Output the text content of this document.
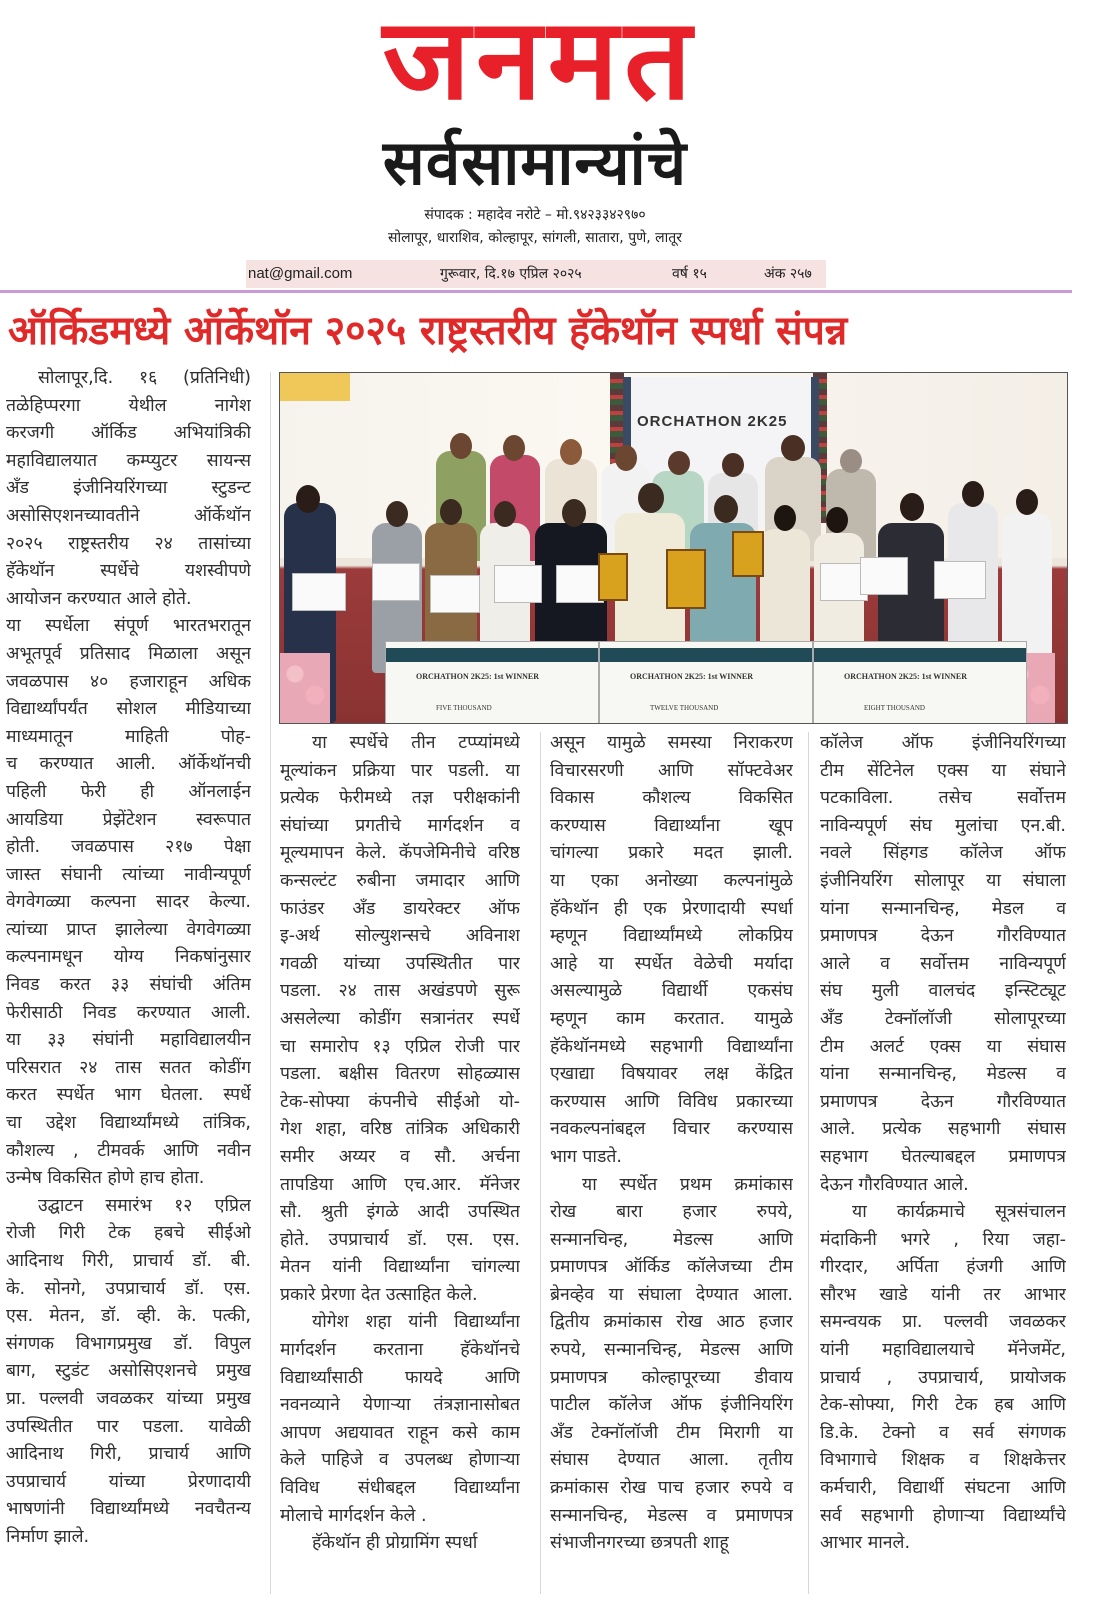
जनमत
सर्वसामान्यांचे
संपादक : महादेव नरोटे – मो.९४२३३४२९७०
सोलापूर, धाराशिव, कोल्हापूर, सांगली, सातारा, पुणे, लातूर
nat@gmail.com	गुरूवार, दि.१७ एप्रिल २०२५	वर्ष १५	अंक २५७
ऑर्किडमध्ये ऑर्केथॉन २०२५ राष्ट्रस्तरीय हॅकेथॉन स्पर्धा संपन्न
ORCHATHON 2K25
ORCHATHON 2K25: 1st WINNER
FIVE THOUSAND
ORCHATHON 2K25: 1st WINNER
TWELVE THOUSAND
ORCHATHON 2K25: 1st WINNER
EIGHT THOUSAND
सोलापूर,दि. १६ (प्रतिनिधी)
तळेहिप्परगा येथील नागेश
करजगी ऑर्किड अभियांत्रिकी
महाविद्यालयात कम्प्युटर सायन्स
अँड इंजीनियरिंगच्या स्टुडन्ट
असोसिएशनच्यावतीने ऑर्केथॉन
२०२५ राष्ट्रस्तरीय २४ तासांच्या
हॅकेथॉन स्पर्धेचे यशस्वीपणे
आयोजन करण्यात आले होते.
या स्पर्धेला संपूर्ण भारतभरातून
अभूतपूर्व प्रतिसाद मिळाला असून
जवळपास ४० हजाराहून अधिक
विद्यार्थ्यांपर्यंत सोशल मीडियाच्या
माध्यमातून माहिती पोह-
च करण्यात आली. ऑर्केथॉनची
पहिली फेरी ही ऑनलाईन
आयडिया प्रेझेंटेशन स्वरूपात
होती. जवळपास २१७ पेक्षा
जास्त संघानी त्यांच्या नावीन्यपूर्ण
वेगवेगळ्या कल्पना सादर केल्या.
त्यांच्या प्राप्त झालेल्या वेगवेगळ्या
कल्पनामधून योग्य निकषांनुसार
निवड करत ३३ संघांची अंतिम
फेरीसाठी निवड करण्यात आली.
या ३३ संघांनी महाविद्यालयीन
परिसरात २४ तास सतत कोडींग
करत स्पर्धेत भाग घेतला. स्पर्धे
चा उद्देश विद्यार्थ्यांमध्ये तांत्रिक,
कौशल्य , टीमवर्क आणि नवीन
उन्मेष विकसित होणे हाच होता.
उद्घाटन समारंभ १२ एप्रिल
रोजी गिरी टेक हबचे सीईओ
आदिनाथ गिरी, प्राचार्य डॉ. बी.
के. सोनगे, उपप्राचार्य डॉ. एस.
एस. मेतन, डॉ. व्ही. के. पत्की,
संगणक विभागप्रमुख डॉ. विपुल
बाग, स्टुडंट असोसिएशनचे प्रमुख
प्रा. पल्लवी जवळकर यांच्या प्रमुख
उपस्थितीत पार पडला. यावेळी
आदिनाथ गिरी, प्राचार्य आणि
उपप्राचार्य यांच्या प्रेरणादायी
भाषणांनी विद्यार्थ्यांमध्ये नवचैतन्य
निर्माण झाले.
या स्पर्धेचे तीन टप्प्यांमध्ये
मूल्यांकन प्रक्रिया पार पडली. या
प्रत्येक फेरीमध्ये तज्ञ परीक्षकांनी
संघांच्या प्रगतीचे मार्गदर्शन व
मूल्यमापन केले. कॅपजेमिनीचे वरिष्ठ
कन्सल्टंट रुबीना जमादार आणि
फाउंडर अँड डायरेक्टर ऑफ
इ-अर्थ सोल्युशन्सचे अविनाश
गवळी यांच्या उपस्थितीत पार
पडला. २४ तास अखंडपणे सुरू
असलेल्या कोडींग सत्रानंतर स्पर्धे
चा समारोप १३ एप्रिल रोजी पार
पडला. बक्षीस वितरण सोहळ्यास
टेक-सोफ्या कंपनीचे सीईओ यो-
गेश शहा, वरिष्ठ तांत्रिक अधिकारी
समीर अय्यर व सौ. अर्चना
तापडिया आणि एच.आर. मॅनेजर
सौ. श्रुती इंगळे आदी उपस्थित
होते. उपप्राचार्य डॉ. एस. एस.
मेतन यांनी विद्यार्थ्यांना चांगल्या
प्रकारे प्रेरणा देत उत्साहित केले.
योगेश शहा यांनी विद्यार्थ्यांना
मार्गदर्शन करताना हॅकेथॉनचे
विद्यार्थ्यांसाठी फायदे आणि
नवनव्याने येणाऱ्या तंत्रज्ञानासोबत
आपण अद्ययावत राहून कसे काम
केले पाहिजे व उपलब्ध होणाऱ्या
विविध संधीबद्दल विद्यार्थ्यांना
मोलाचे मार्गदर्शन केले .
हॅकेथॉन ही प्रोग्रामिंग स्पर्धा
असून यामुळे समस्या निराकरण
विचारसरणी आणि सॉफ्टवेअर
विकास कौशल्य विकसित
करण्यास विद्यार्थ्यांना खूप
चांगल्या प्रकारे मदत झाली.
या एका अनोख्या कल्पनांमुळे
हॅकेथॉन ही एक प्रेरणादायी स्पर्धा
म्हणून विद्यार्थ्यांमध्ये लोकप्रिय
आहे या स्पर्धेत वेळेची मर्यादा
असल्यामुळे विद्यार्थी एकसंघ
म्हणून काम करतात. यामुळे
हॅकेथॉनमध्ये सहभागी विद्यार्थ्यांना
एखाद्या विषयावर लक्ष केंद्रित
करण्यास आणि विविध प्रकारच्या
नवकल्पनांबद्दल विचार करण्यास
भाग पाडते.
या स्पर्धेत प्रथम क्रमांकास
रोख बारा हजार रुपये,
सन्मानचिन्ह, मेडल्स आणि
प्रमाणपत्र ऑर्किड कॉलेजच्या टीम
ब्रेनव्हेव या संघाला देण्यात आला.
द्वितीय क्रमांकास रोख आठ हजार
रुपये, सन्मानचिन्ह, मेडल्स आणि
प्रमाणपत्र कोल्हापूरच्या डीवाय
पाटील कॉलेज ऑफ इंजीनियरिंग
अँड टेक्नॉलॉजी टीम मिरागी या
संघास देण्यात आला. तृतीय
क्रमांकास रोख पाच हजार रुपये व
सन्मानचिन्ह, मेडल्स व प्रमाणपत्र
संभाजीनगरच्या छत्रपती शाहू
कॉलेज ऑफ इंजीनियरिंगच्या
टीम सेंटिनेल एक्स या संघाने
पटकाविला. तसेच सर्वोत्तम
नाविन्यपूर्ण संघ मुलांचा एन.बी.
नवले सिंहगड कॉलेज ऑफ
इंजीनियरिंग सोलापूर या संघाला
यांना सन्मानचिन्ह, मेडल व
प्रमाणपत्र देऊन गौरविण्यात
आले व सर्वोत्तम नाविन्यपूर्ण
संघ मुली वालचंद इन्स्टिट्यूट
अँड टेक्नॉलॉजी सोलापूरच्या
टीम अलर्ट एक्स या संघास
यांना सन्मानचिन्ह, मेडल्स व
प्रमाणपत्र देऊन गौरविण्यात
आले. प्रत्येक सहभागी संघास
सहभाग घेतल्याबद्दल प्रमाणपत्र
देऊन गौरविण्यात आले.
या कार्यक्रमाचे सूत्रसंचालन
मंदाकिनी भगरे , रिया जहा-
गीरदार, अर्पिता हंजगी आणि
सौरभ खाडे यांनी तर आभार
समन्वयक प्रा. पल्लवी जवळकर
यांनी महाविद्यालयाचे मॅनेजमेंट,
प्राचार्य , उपप्राचार्य, प्रायोजक
टेक-सोफ्या, गिरी टेक हब आणि
डि.के. टेक्नो व सर्व संगणक
विभागाचे शिक्षक व शिक्षकेत्तर
कर्मचारी, विद्यार्थी संघटना आणि
सर्व सहभागी होणाऱ्या विद्यार्थ्यांचे
आभार मानले.
